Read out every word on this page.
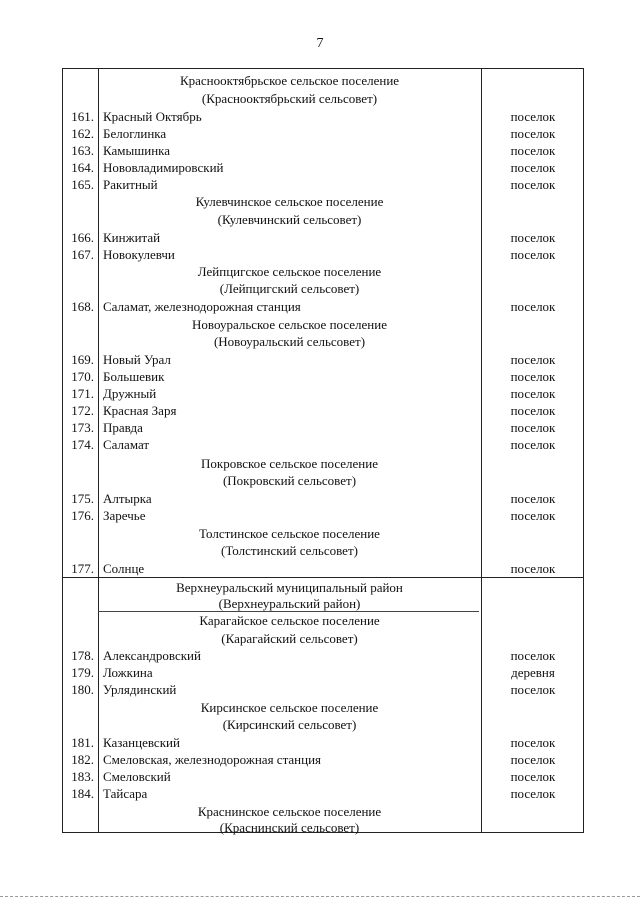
7
Краснооктябрьское сельское поселение
(Краснооктябрьский сельсовет)
161. Красный Октябрь	поселок
162. Белоглинка	поселок
163. Камышинка	поселок
164. Нововладимировский	поселок
165. Ракитный	поселок
Кулевчинское сельское поселение
(Кулевчинский сельсовет)
166. Кинжитай	поселок
167. Новокулевчи	поселок
Лейпцигское сельское поселение
(Лейпцигский сельсовет)
168. Саламат, железнодорожная станция	поселок
Новоуральское сельское поселение
(Новоуральский сельсовет)
169. Новый Урал	поселок
170. Большевик	поселок
171. Дружный	поселок
172. Красная Заря	поселок
173. Правда	поселок
174. Саламат	поселок
Покровское сельское поселение
(Покровский сельсовет)
175. Алтырка	поселок
176. Заречье	поселок
Толстинское сельское поселение
(Толстинский сельсовет)
177. Солнце	поселок
Верхнеуральский муниципальный район
(Верхнеуральский район)
Карагайское сельское поселение
(Карагайский сельсовет)
178. Александровский	поселок
179. Ложкина	деревня
180. Урлядинский	поселок
Кирсинское сельское поселение
(Кирсинский сельсовет)
181. Казанцевский	поселок
182. Смеловская, железнодорожная станция	поселок
183. Смеловский	поселок
184. Тайсара	поселок
Краснинское сельское поселение
(Краснинский сельсовет)
